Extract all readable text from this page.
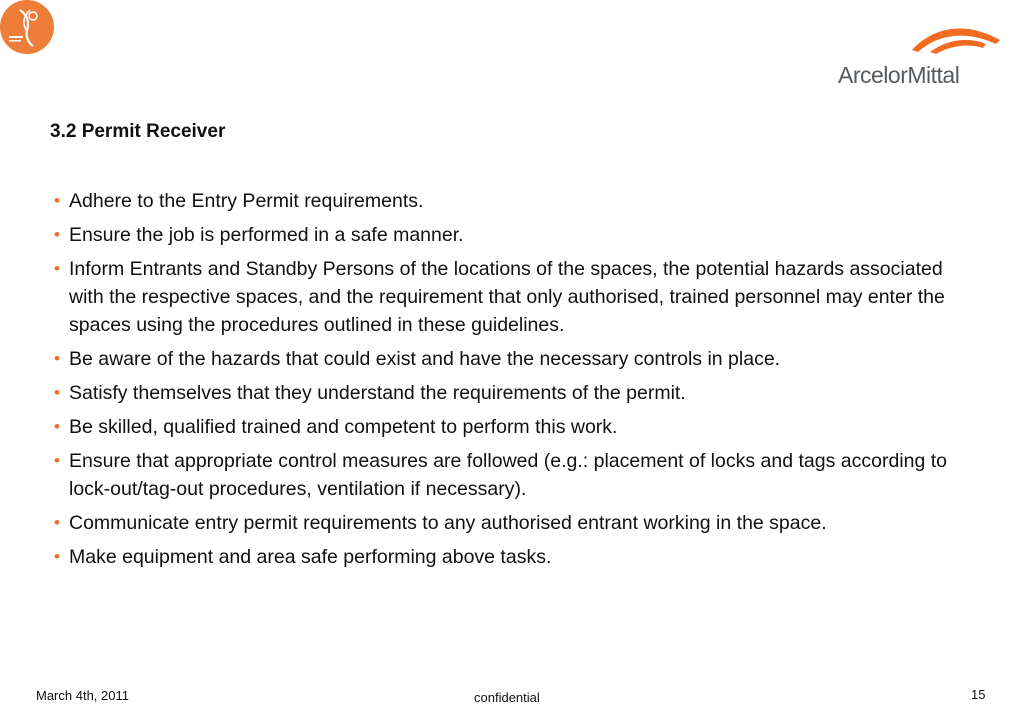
ArcelorMittal
3.2 Permit Receiver
• Adhere to the Entry Permit requirements.
• Ensure the job is performed in a safe manner.
• Inform Entrants and Standby Persons of the locations of the spaces, the potential hazards associated with the respective spaces, and the requirement that only authorised, trained personnel may enter the spaces using the procedures outlined in these guidelines.
• Be aware of the hazards that could exist and have the necessary controls in place.
• Satisfy themselves that they understand the requirements of the permit.
• Be skilled, qualified trained and competent to perform this work.
• Ensure that appropriate control measures are followed (e.g.: placement of locks and tags according to lock-out/tag-out procedures, ventilation if necessary).
• Communicate entry permit requirements to any authorised entrant working in the space.
• Make equipment and area safe performing above tasks.
March 4th, 2011	confidential	15
